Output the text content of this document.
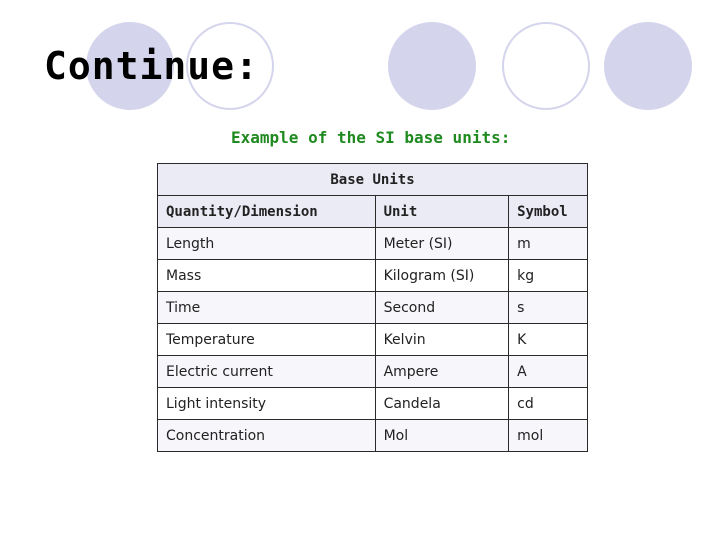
Continue:

Example of the SI base units:

Base Units		
Quantity/Dimension	Unit	Symbol
Length	Meter (SI)	m
Mass	Kilogram (SI)	kg
Time	Second	s
Temperature	Kelvin	K
Electric current	Ampere	A
Light intensity	Candela	cd
Concentration	Mol	mol
